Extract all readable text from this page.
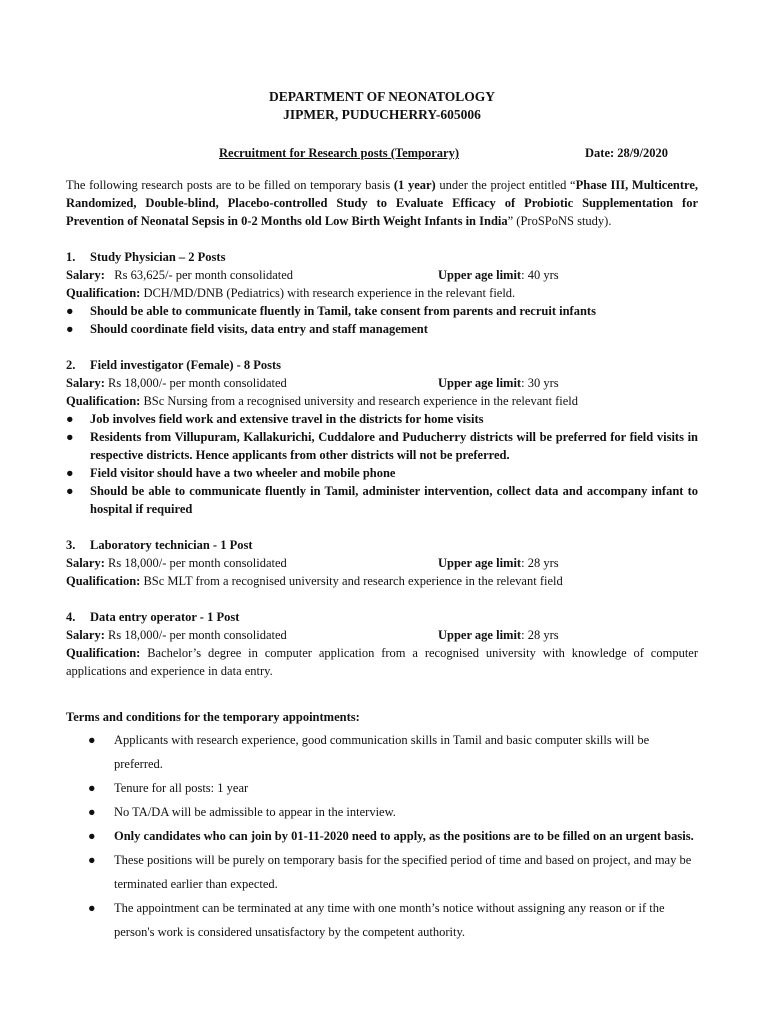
DEPARTMENT OF NEONATOLOGY
JIPMER, PUDUCHERRY-605006
Recruitment for Research posts (Temporary)	Date: 28/9/2020
The following research posts are to be filled on temporary basis (1 year) under the project entitled “Phase III, Multicentre, Randomized, Double-blind, Placebo-controlled Study to Evaluate Efficacy of Probiotic Supplementation for Prevention of Neonatal Sepsis in 0-2 Months old Low Birth Weight Infants in India” (ProSPoNS study).
1. Study Physician – 2 Posts
Salary: Rs 63,625/- per month consolidated	Upper age limit: 40 yrs
Qualification: DCH/MD/DNB (Pediatrics) with research experience in the relevant field.
● Should be able to communicate fluently in Tamil, take consent from parents and recruit infants
● Should coordinate field visits, data entry and staff management
2. Field investigator (Female) - 8 Posts
Salary: Rs 18,000/- per month consolidated	Upper age limit: 30 yrs
Qualification: BSc Nursing from a recognised university and research experience in the relevant field
● Job involves field work and extensive travel in the districts for home visits
● Residents from Villupuram, Kallakurichi, Cuddalore and Puducherry districts will be preferred for field visits in respective districts. Hence applicants from other districts will not be preferred.
● Field visitor should have a two wheeler and mobile phone
● Should be able to communicate fluently in Tamil, administer intervention, collect data and accompany infant to hospital if required
3. Laboratory technician - 1 Post
Salary: Rs 18,000/- per month consolidated	Upper age limit: 28 yrs
Qualification: BSc MLT from a recognised university and research experience in the relevant field
4. Data entry operator - 1 Post
Salary: Rs 18,000/- per month consolidated	Upper age limit: 28 yrs
Qualification: Bachelor’s degree in computer application from a recognised university with knowledge of computer applications and experience in data entry.
Terms and conditions for the temporary appointments:
● Applicants with research experience, good communication skills in Tamil and basic computer skills will be preferred.
● Tenure for all posts: 1 year
● No TA/DA will be admissible to appear in the interview.
● Only candidates who can join by 01-11-2020 need to apply, as the positions are to be filled on an urgent basis.
● These positions will be purely on temporary basis for the specified period of time and based on project, and may be terminated earlier than expected.
● The appointment can be terminated at any time with one month’s notice without assigning any reason or if the person's work is considered unsatisfactory by the competent authority.
